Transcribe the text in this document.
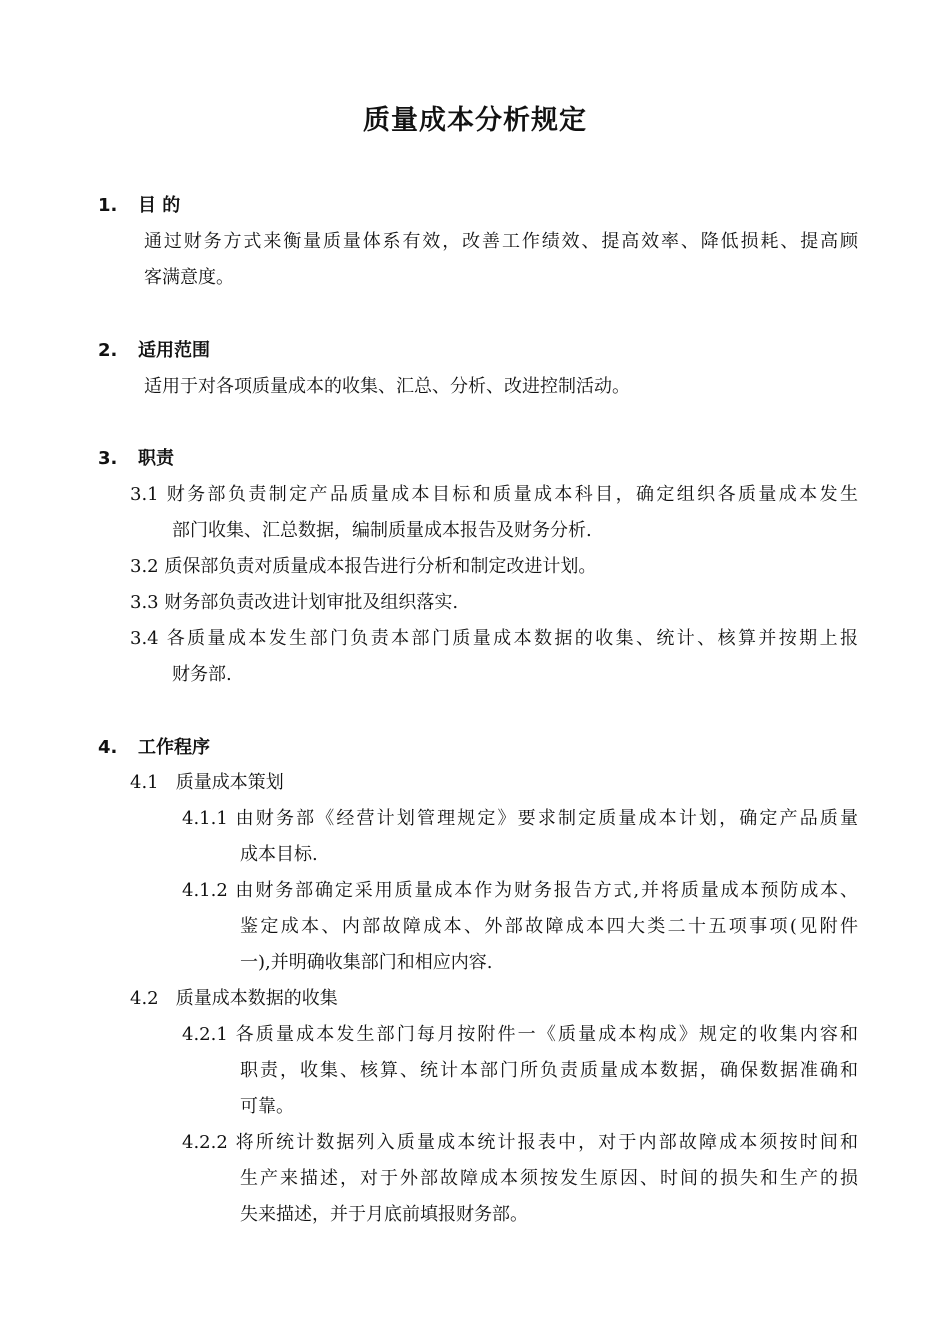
质量成本分析规定
1. 目 的
通过财务方式来衡量质量体系有效，改善工作绩效、提高效率、降低损耗、提高顾
客满意度。
2. 适用范围
适用于对各项质量成本的收集、汇总、分析、改进控制活动。
3. 职责
3.1 财务部负责制定产品质量成本目标和质量成本科目，确定组织各质量成本发生
部门收集、汇总数据，编制质量成本报告及财务分析.
3.2 质保部负责对质量成本报告进行分析和制定改进计划。
3.3 财务部负责改进计划审批及组织落实.
3.4 各质量成本发生部门负责本部门质量成本数据的收集、统计、核算并按期上报
财务部.
4. 工作程序
4.1   质量成本策划
4.1.1 由财务部《经营计划管理规定》要求制定质量成本计划，确定产品质量
成本目标.
4.1.2 由财务部确定采用质量成本作为财务报告方式,并将质量成本预防成本、
鉴定成本、内部故障成本、外部故障成本四大类二十五项事项(见附件
一),并明确收集部门和相应内容.
4.2   质量成本数据的收集
4.2.1 各质量成本发生部门每月按附件一《质量成本构成》规定的收集内容和
职责，收集、核算、统计本部门所负责质量成本数据，确保数据准确和
可靠。
4.2.2 将所统计数据列入质量成本统计报表中，对于内部故障成本须按时间和
生产来描述，对于外部故障成本须按发生原因、时间的损失和生产的损
失来描述，并于月底前填报财务部。
